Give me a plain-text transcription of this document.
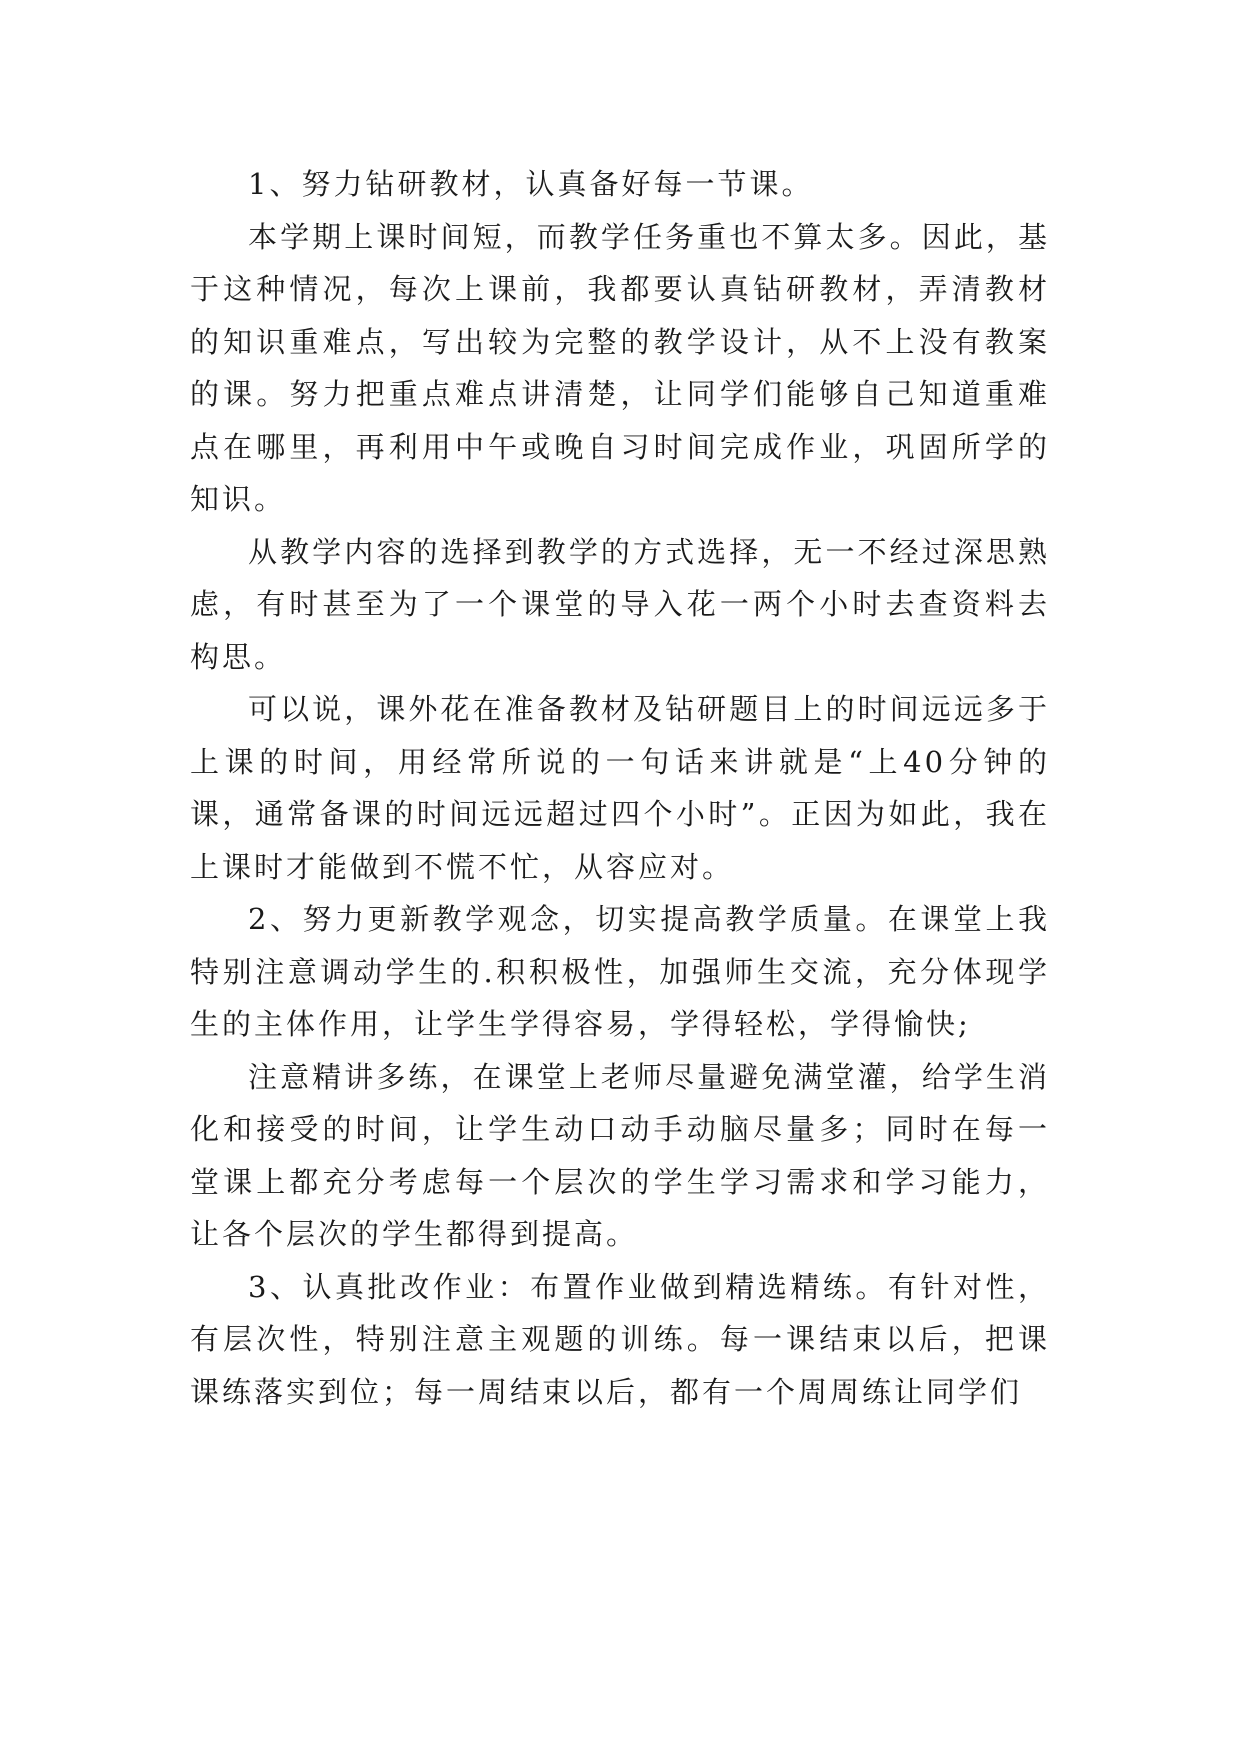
1、努力钻研教材，认真备好每一节课。

本学期上课时间短，而教学任务重也不算太多。因此，基于这种情况，每次上课前，我都要认真钻研教材，弄清教材的知识重难点，写出较为完整的教学设计，从不上没有教案的课。努力把重点难点讲清楚，让同学们能够自己知道重难点在哪里，再利用中午或晚自习时间完成作业，巩固所学的知识。

从教学内容的选择到教学的方式选择，无一不经过深思熟虑，有时甚至为了一个课堂的导入花一两个小时去查资料去构思。

可以说，课外花在准备教材及钻研题目上的时间远远多于上课的时间，用经常所说的一句话来讲就是“上40分钟的课，通常备课的时间远远超过四个小时”。正因为如此，我在上课时才能做到不慌不忙，从容应对。

2、努力更新教学观念，切实提高教学质量。在课堂上我特别注意调动学生的.积积极性，加强师生交流，充分体现学生的主体作用，让学生学得容易，学得轻松，学得愉快;

注意精讲多练，在课堂上老师尽量避免满堂灌，给学生消化和接受的时间，让学生动口动手动脑尽量多；同时在每一堂课上都充分考虑每一个层次的学生学习需求和学习能力，让各个层次的学生都得到提高。

3、认真批改作业：布置作业做到精选精练。有针对性，有层次性，特别注意主观题的训练。每一课结束以后，把课课练落实到位；每一周结束以后，都有一个周周练让同学们
